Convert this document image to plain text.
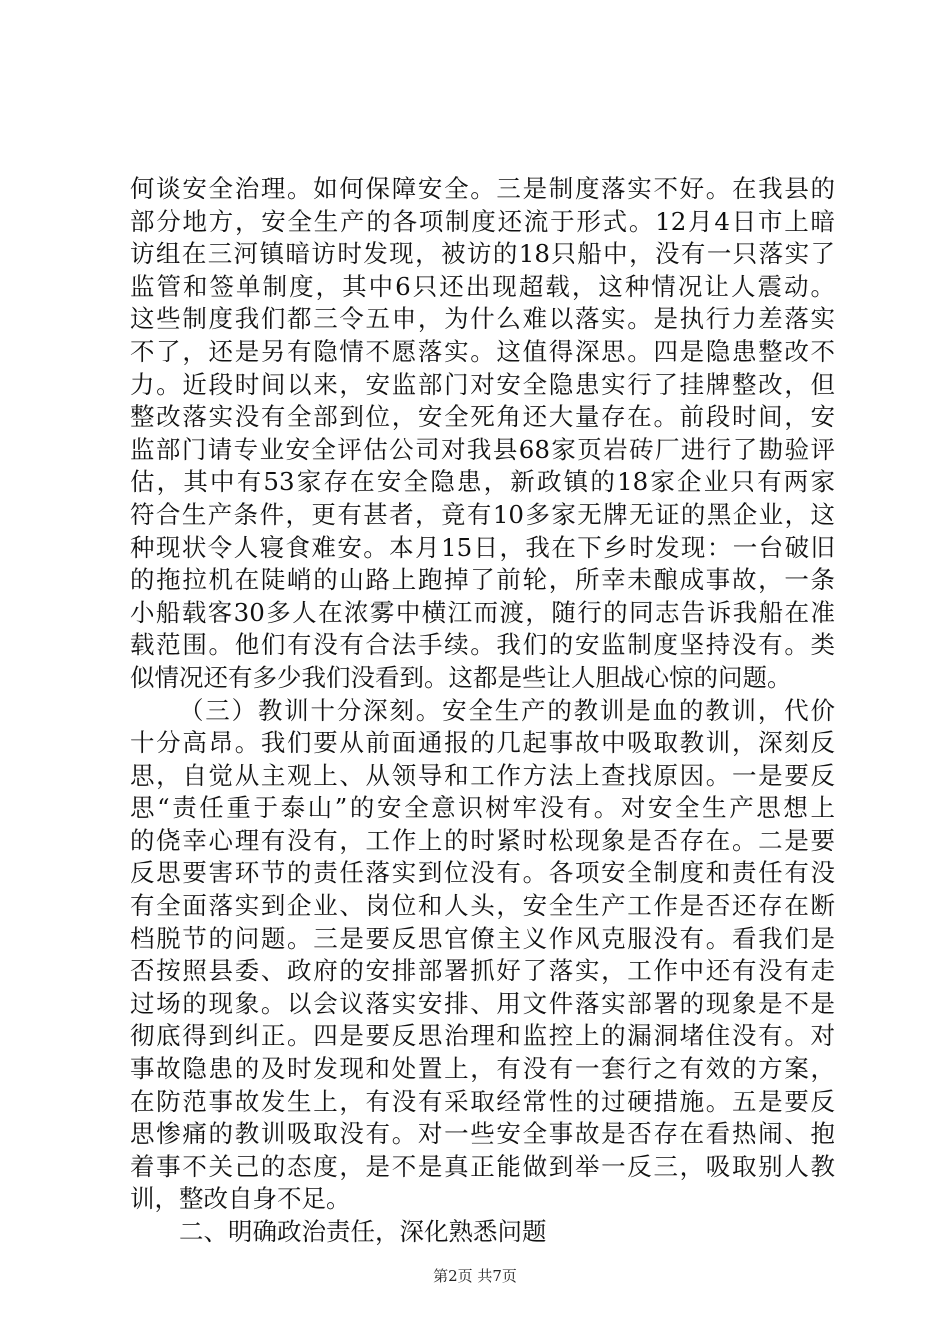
何谈安全治理。如何保障安全。三是制度落实不好。在我县的
部分地方，安全生产的各项制度还流于形式。12月4日市上暗
访组在三河镇暗访时发现，被访的18只船中，没有一只落实了
监管和签单制度，其中6只还出现超载，这种情况让人震动。
这些制度我们都三令五申，为什么难以落实。是执行力差落实
不了，还是另有隐情不愿落实。这值得深思。四是隐患整改不
力。近段时间以来，安监部门对安全隐患实行了挂牌整改，但
整改落实没有全部到位，安全死角还大量存在。前段时间，安
监部门请专业安全评估公司对我县68家页岩砖厂进行了勘验评
估，其中有53家存在安全隐患，新政镇的18家企业只有两家
符合生产条件，更有甚者，竟有10多家无牌无证的黑企业，这
种现状令人寝食难安。本月15日，我在下乡时发现：一台破旧
的拖拉机在陡峭的山路上跑掉了前轮，所幸未酿成事故，一条
小船载客30多人在浓雾中横江而渡，随行的同志告诉我船在准
载范围。他们有没有合法手续。我们的安监制度坚持没有。类
似情况还有多少我们没看到。这都是些让人胆战心惊的问题。
（三）教训十分深刻。安全生产的教训是血的教训，代价
十分高昂。我们要从前面通报的几起事故中吸取教训，深刻反
思，自觉从主观上、从领导和工作方法上查找原因。一是要反
思“责任重于泰山”的安全意识树牢没有。对安全生产思想上
的侥幸心理有没有，工作上的时紧时松现象是否存在。二是要
反思要害环节的责任落实到位没有。各项安全制度和责任有没
有全面落实到企业、岗位和人头，安全生产工作是否还存在断
档脱节的问题。三是要反思官僚主义作风克服没有。看我们是
否按照县委、政府的安排部署抓好了落实，工作中还有没有走
过场的现象。以会议落实安排、用文件落实部署的现象是不是
彻底得到纠正。四是要反思治理和监控上的漏洞堵住没有。对
事故隐患的及时发现和处置上，有没有一套行之有效的方案，
在防范事故发生上，有没有采取经常性的过硬措施。五是要反
思惨痛的教训吸取没有。对一些安全事故是否存在看热闹、抱
着事不关己的态度，是不是真正能做到举一反三，吸取别人教
训，整改自身不足。
二、明确政治责任，深化熟悉问题
第2页 共7页
